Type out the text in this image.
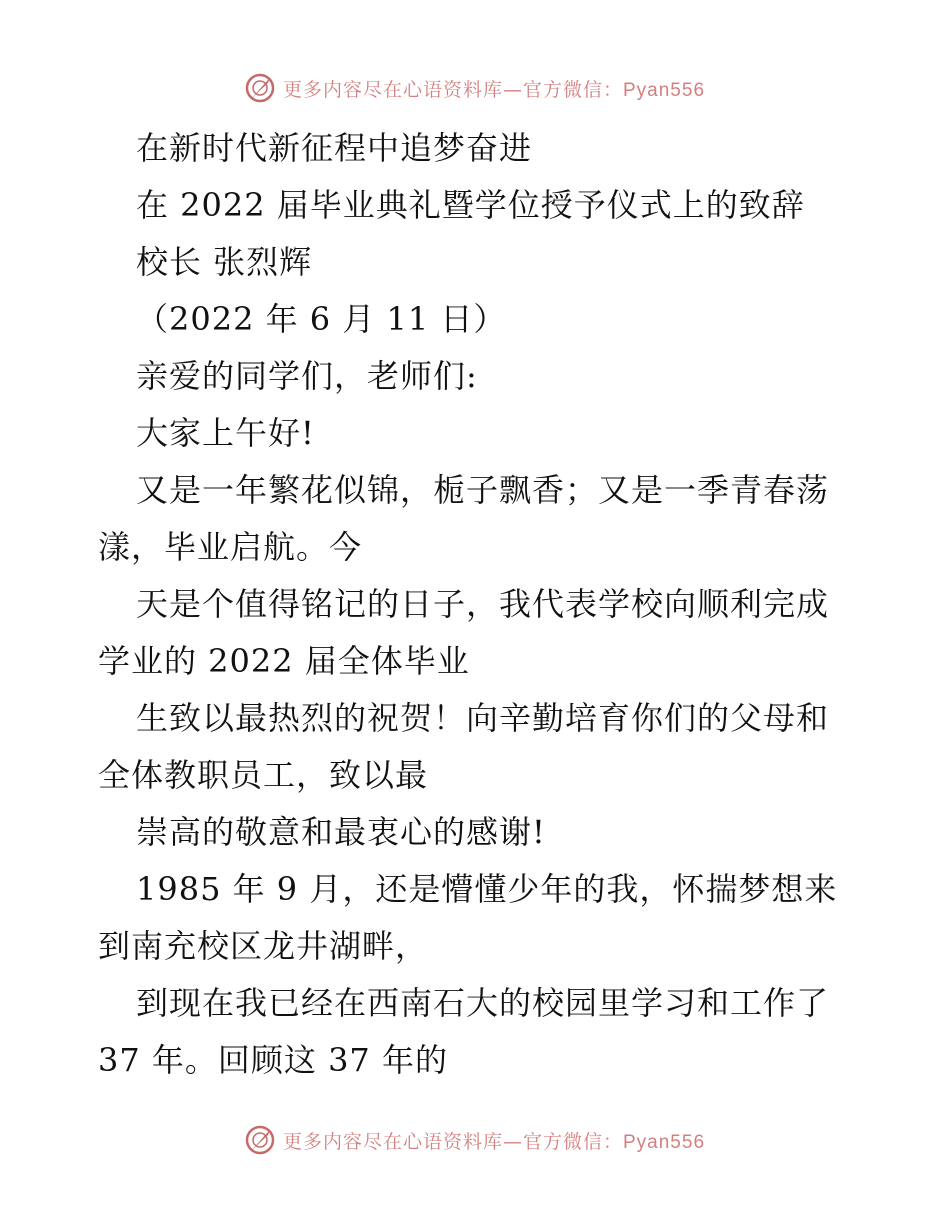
更多内容尽在心语资料库—官方微信：Pyan556
在新时代新征程中追梦奋进
在 2022 届毕业典礼暨学位授予仪式上的致辞
校长 张烈辉
（2022 年 6 月 11 日）
亲爱的同学们，老师们:
大家上午好!
又是一年繁花似锦，栀子飘香；又是一季青春荡
漾，毕业启航。今
天是个值得铭记的日子，我代表学校向顺利完成
学业的 2022 届全体毕业
生致以最热烈的祝贺！向辛勤培育你们的父母和
全体教职员工，致以最
崇高的敬意和最衷心的感谢!
1985 年 9 月，还是懵懂少年的我，怀揣梦想来
到南充校区龙井湖畔，
到现在我已经在西南石大的校园里学习和工作了
37 年。回顾这 37 年的
更多内容尽在心语资料库—官方微信：Pyan556
